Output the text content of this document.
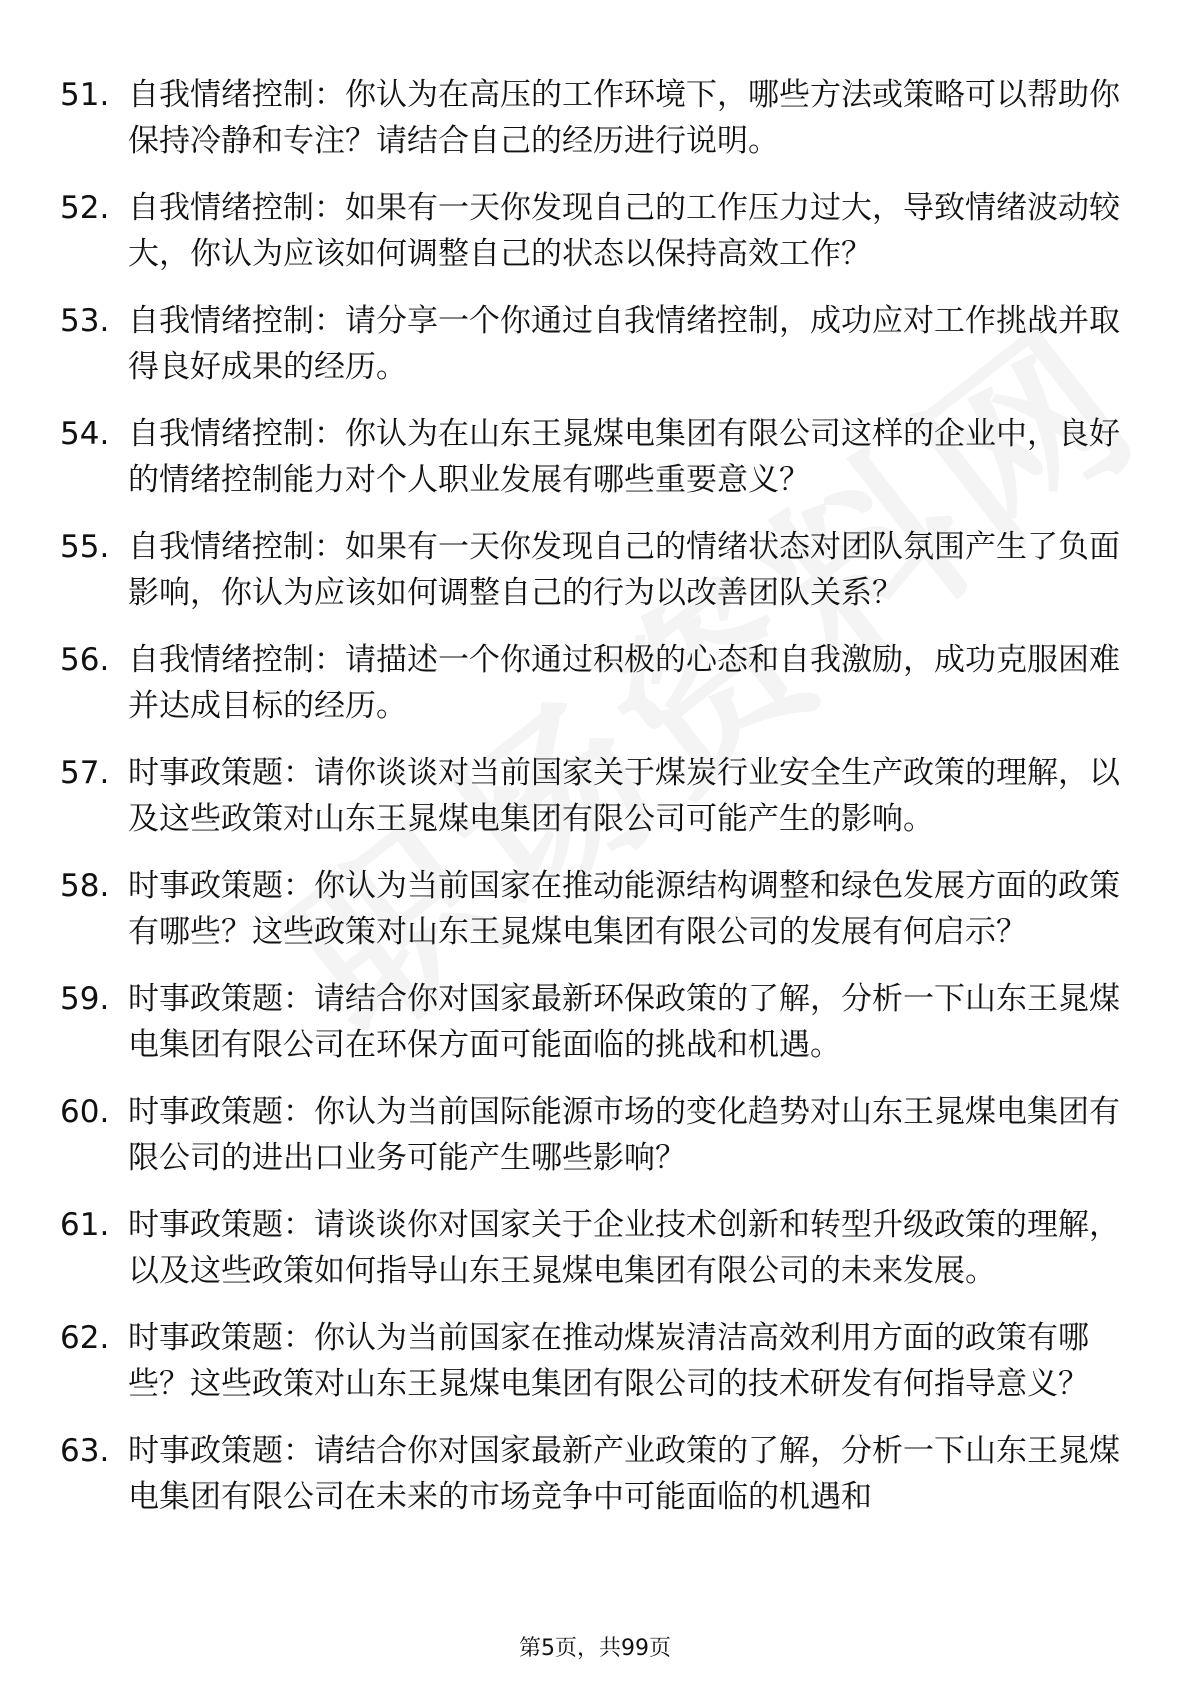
51. 自我情绪控制：你认为在高压的工作环境下，哪些方法或策略可以帮助你保持冷静和专注？请结合自己的经历进行说明。
52. 自我情绪控制：如果有一天你发现自己的工作压力过大，导致情绪波动较大，你认为应该如何调整自己的状态以保持高效工作？
53. 自我情绪控制：请分享一个你通过自我情绪控制，成功应对工作挑战并取得良好成果的经历。
54. 自我情绪控制：你认为在山东王晁煤电集团有限公司这样的企业中，良好的情绪控制能力对个人职业发展有哪些重要意义？
55. 自我情绪控制：如果有一天你发现自己的情绪状态对团队氛围产生了负面影响，你认为应该如何调整自己的行为以改善团队关系？
56. 自我情绪控制：请描述一个你通过积极的心态和自我激励，成功克服困难并达成目标的经历。
57. 时事政策题：请你谈谈对当前国家关于煤炭行业安全生产政策的理解，以及这些政策对山东王晁煤电集团有限公司可能产生的影响。
58. 时事政策题：你认为当前国家在推动能源结构调整和绿色发展方面的政策有哪些？这些政策对山东王晁煤电集团有限公司的发展有何启示？
59. 时事政策题：请结合你对国家最新环保政策的了解，分析一下山东王晁煤电集团有限公司在环保方面可能面临的挑战和机遇。
60. 时事政策题：你认为当前国际能源市场的变化趋势对山东王晁煤电集团有限公司的进出口业务可能产生哪些影响？
61. 时事政策题：请谈谈你对国家关于企业技术创新和转型升级政策的理解，以及这些政策如何指导山东王晁煤电集团有限公司的未来发展。
62. 时事政策题：你认为当前国家在推动煤炭清洁高效利用方面的政策有哪些？这些政策对山东王晁煤电集团有限公司的技术研发有何指导意义？
63. 时事政策题：请结合你对国家最新产业政策的了解，分析一下山东王晁煤电集团有限公司在未来的市场竞争中可能面临的机遇和
第5页，共99页
